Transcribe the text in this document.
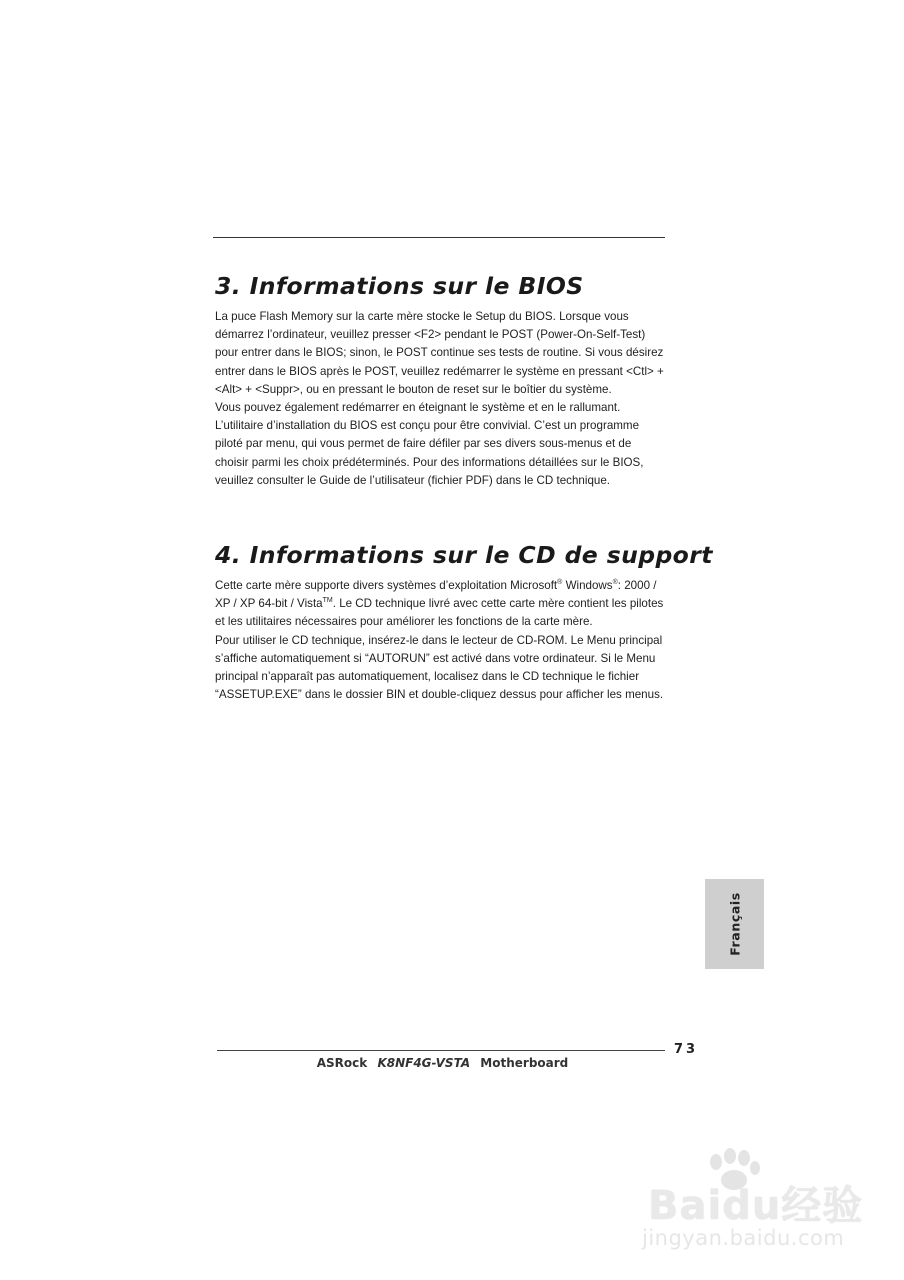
3. Informations sur le BIOS

La puce Flash Memory sur la carte mère stocke le Setup du BIOS. Lorsque vous démarrez l’ordinateur, veuillez presser <F2> pendant le POST (Power-On-Self-Test) pour entrer dans le BIOS; sinon, le POST continue ses tests de routine. Si vous désirez entrer dans le BIOS après le POST, veuillez redémarrer le système en pressant <Ctl> + <Alt> + <Suppr>, ou en pressant le bouton de reset sur le boîtier du système.

Vous pouvez également redémarrer en éteignant le système et en le rallumant.

L’utilitaire d’installation du BIOS est conçu pour être convivial. C’est un programme piloté par menu, qui vous permet de faire défiler par ses divers sous-menus et de choisir parmi les choix prédéterminés. Pour des informations détaillées sur le BIOS, veuillez consulter le Guide de l’utilisateur (fichier PDF) dans le CD technique.

4. Informations sur le CD de support

Cette carte mère supporte divers systèmes d’exploitation Microsoft® Windows®: 2000 / XP / XP 64-bit / Vista™. Le CD technique livré avec cette carte mère contient les pilotes et les utilitaires nécessaires pour améliorer les fonctions de la carte mère.

Pour utiliser le CD technique, insérez-le dans le lecteur de CD-ROM. Le Menu principal s’affiche automatiquement si “AUTORUN” est activé dans votre ordinateur. Si le Menu principal n’apparaît pas automatiquement, localisez dans le CD technique le fichier “ASSETUP.EXE” dans le dossier BIN et double-cliquez dessus pour afficher les menus.

Français
73
ASRock K8NF4G-VSTA Motherboard
Baidu经验
jingyan.baidu.com
